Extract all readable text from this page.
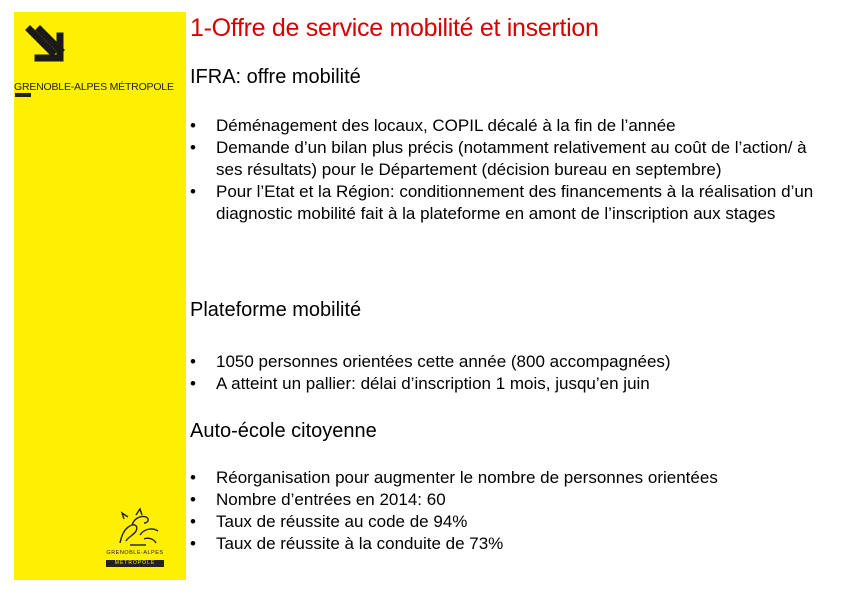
GRENOBLE-ALPES MÉTROPOLE
GRENOBLE-ALPES
MÉTROPOLE
1-Offre de service mobilité et insertion
IFRA: offre mobilité
• Déménagement des locaux, COPIL décalé à la fin de l’année
• Demande d’un bilan plus précis (notamment relativement au coût de l’action/ à ses résultats) pour le Département (décision bureau en septembre)
• Pour l’Etat et la Région: conditionnement des financements à la réalisation d’un diagnostic mobilité fait à la plateforme en amont de l’inscription aux stages
Plateforme mobilité
• 1050 personnes orientées cette année (800 accompagnées)
• A atteint un pallier: délai d’inscription 1 mois, jusqu’en juin
Auto-école citoyenne
• Réorganisation pour augmenter le nombre de personnes orientées
• Nombre d’entrées en 2014: 60
• Taux de réussite au code de 94%
• Taux de réussite à la conduite de 73%
